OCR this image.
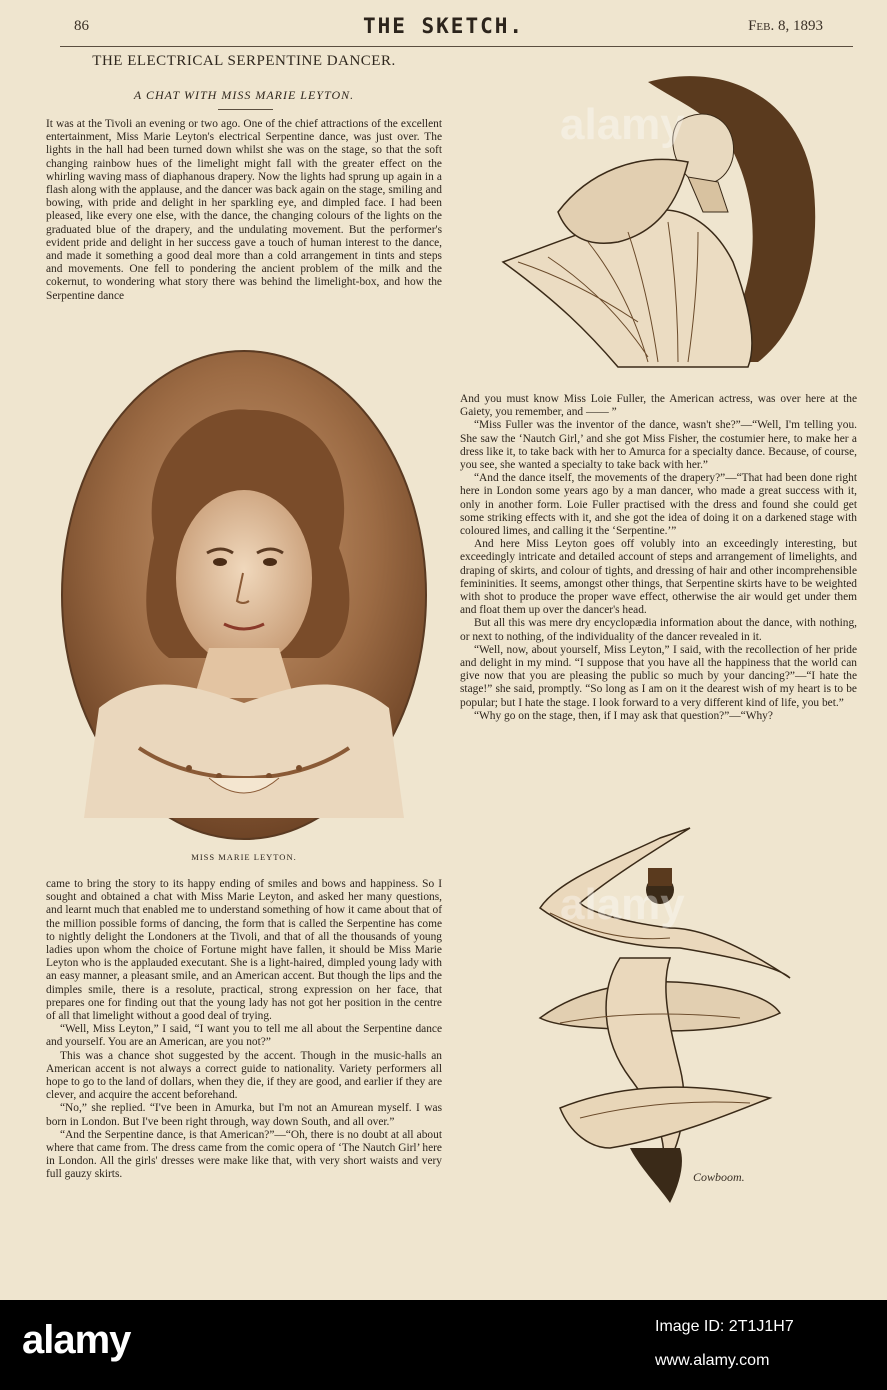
86	THE SKETCH.	Feb. 8, 1893
THE ELECTRICAL SERPENTINE DANCER.
A CHAT WITH MISS MARIE LEYTON.

It was at the Tivoli an evening or two ago. One of the chief attractions of the excellent entertainment, Miss Marie Leyton's electrical Serpentine dance, was just over. The lights in the hall had been turned down whilst she was on the stage, so that the soft changing rainbow hues of the limelight might fall with the greater effect on the whirling waving mass of diaphanous drapery. Now the lights had sprung up again in a flash along with the applause, and the dancer was back again on the stage, smiling and bowing, with pride and delight in her sparkling eye, and dimpled face. I had been pleased, like every one else, with the dance, the changing colours of the lights on the graduated blue of the drapery, and the undulating movement. But the performer's evident pride and delight in her success gave a touch of human interest to the dance, and made it something a good deal more than a cold arrangement in tints and steps and movements. One fell to pondering the ancient problem of the milk and the cokernut, to wondering what story there was behind the limelight-box, and how the Serpentine dance

MISS MARIE LEYTON.

came to bring the story to its happy ending of smiles and bows and happiness. So I sought and obtained a chat with Miss Marie Leyton, and asked her many questions, and learnt much that enabled me to understand something of how it came about that of the million possible forms of dancing, the form that is called the Serpentine has come to nightly delight the Londoners at the Tivoli, and that of all the thousands of young ladies upon whom the choice of Fortune might have fallen, it should be Miss Marie Leyton who is the applauded executant. She is a light-haired, dimpled young lady with an easy manner, a pleasant smile, and an American accent. But though the lips and the dimples smile, there is a resolute, practical, strong expression on her face, that prepares one for finding out that the young lady has not got her position in the centre of all that limelight without a good deal of trying.

“Well, Miss Leyton,” I said, “I want you to tell me all about the Serpentine dance and yourself. You are an American, are you not?”

This was a chance shot suggested by the accent. Though in the music-halls an American accent is not always a correct guide to nationality. Variety performers all hope to go to the land of dollars, when they die, if they are good, and earlier if they are clever, and acquire the accent beforehand.

“No,” she replied. “I've been in Amurka, but I'm not an Amurean myself. I was born in London. But I've been right through, way down South, and all over.”

“And the Serpentine dance, is that American?”—“Oh, there is no doubt at all about where that came from. The dress came from the comic opera of ‘The Nautch Girl’ here in London. All the girls' dresses were make like that, with very short waists and very full gauzy skirts.

And you must know Miss Loie Fuller, the American actress, was over here at the Gaiety, you remember, and —— ”

“Miss Fuller was the inventor of the dance, wasn't she?”—“Well, I'm telling you. She saw the ‘Nautch Girl,’ and she got Miss Fisher, the costumier here, to make her a dress like it, to take back with her to Amurca for a specialty dance. Because, of course, you see, she wanted a specialty to take back with her.”

“And the dance itself, the movements of the drapery?”—“That had been done right here in London some years ago by a man dancer, who made a great success with it, only in another form. Loie Fuller practised with the dress and found she could get some striking effects with it, and she got the idea of doing it on a darkened stage with coloured limes, and calling it the ‘Serpentine.’”

And here Miss Leyton goes off volubly into an exceedingly interesting, but exceedingly intricate and detailed account of steps and arrangement of limelights, and draping of skirts, and colour of tights, and dressing of hair and other incomprehensible femininities. It seems, amongst other things, that Serpentine skirts have to be weighted with shot to produce the proper wave effect, otherwise the air would get under them and float them up over the dancer's head.

But all this was mere dry encyclopædia information about the dance, with nothing, or next to nothing, of the individuality of the dancer revealed in it.

“Well, now, about yourself, Miss Leyton,” I said, with the recollection of her pride and delight in my mind. “I suppose that you have all the happiness that the world can give now that you are pleasing the public so much by your dancing?”—“I hate the stage!” she said, promptly. “So long as I am on it the dearest wish of my heart is to be popular; but I hate the stage. I look forward to a very different kind of life, you bet.”

“Why go on the stage, then, if I may ask that question?”—“Why?

Cowboom.
alamy
alamy
alamy	Image ID: 2T1J1H7
www.alamy.com
